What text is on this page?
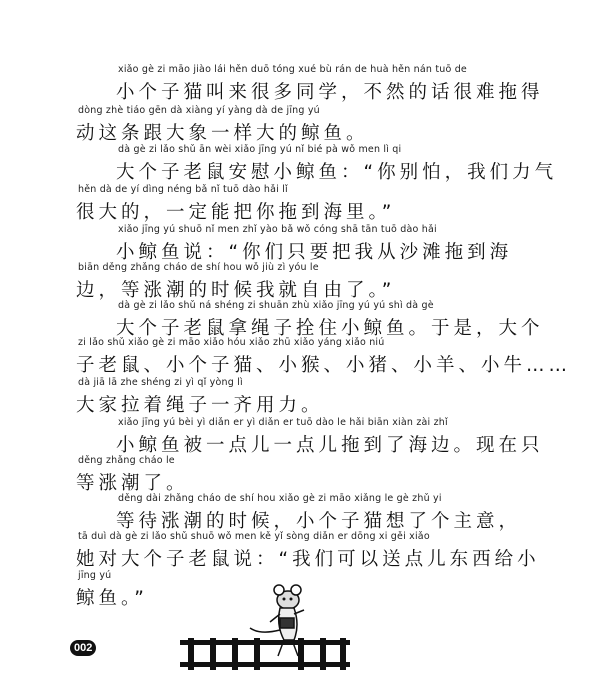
xiǎo gè zi māo jiào lái hěn duō tóng xué bù rán de huà hěn nán tuō de
小个子猫叫来很多同学，不然的话很难拖得
dòng zhè tiáo gēn dà xiàng yí yàng dà de jīng yú
动这条跟大象一样大的鲸鱼。
dà gè zi lǎo shǔ ān wèi xiǎo jīng yú nǐ bié pà wǒ men lì qi
大个子老鼠安慰小鲸鱼：“你别怕，我们力气
hěn dà de yí dìng néng bǎ nǐ tuō dào hǎi lǐ
很大的，一定能把你拖到海里。”
xiǎo jīng yú shuō nǐ men zhǐ yào bǎ wǒ cóng shā tān tuō dào hǎi
小鲸鱼说：“你们只要把我从沙滩拖到海
biān děng zhǎng cháo de shí hou wǒ jiù zì yóu le
边，等涨潮的时候我就自由了。”
dà gè zi lǎo shǔ ná shéng zi shuān zhù xiǎo jīng yú yú shì dà gè
大个子老鼠拿绳子拴住小鲸鱼。于是，大个
zi lǎo shǔ xiǎo gè zi māo xiǎo hóu xiǎo zhū xiǎo yáng xiǎo niú
子老鼠、小个子猫、小猴、小猪、小羊、小牛……
dà jiā lā zhe shéng zi yì qǐ yòng lì
大家拉着绳子一齐用力。
xiǎo jīng yú bèi yì diǎn er yì diǎn er tuō dào le hǎi biān xiàn zài zhǐ
小鲸鱼被一点儿一点儿拖到了海边。现在只
děng zhǎng cháo le
等涨潮了。
děng dài zhǎng cháo de shí hou xiǎo gè zi māo xiǎng le gè zhǔ yi
等待涨潮的时候，小个子猫想了个主意，
tā duì dà gè zi lǎo shǔ shuō wǒ men kě yǐ sòng diǎn er dōng xi gěi xiǎo
她对大个子老鼠说：“我们可以送点儿东西给小
jīng yú
鲸鱼。”
002
